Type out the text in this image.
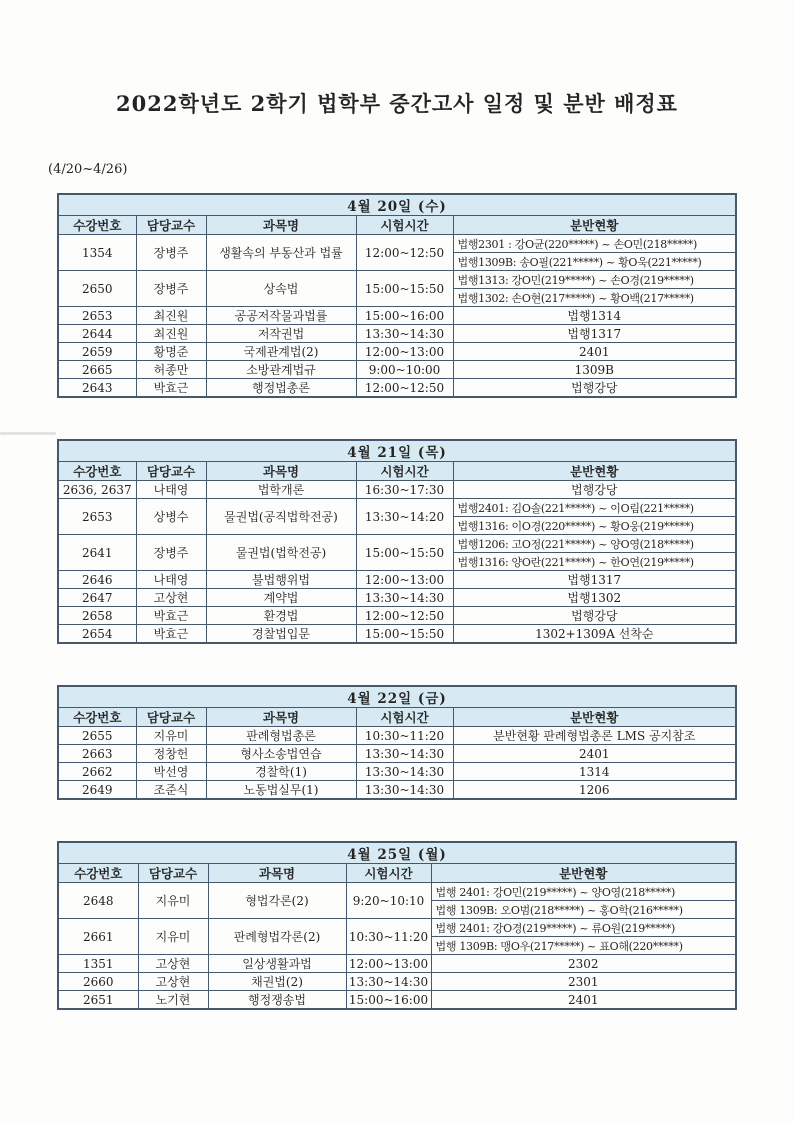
2022학년도 2학기 법학부 중간고사 일정 및 분반 배정표
(4/20~4/26)
4월 20일 (수)				
수강번호	담당교수	과목명	시험시간	분반현황
1354	장병주	생활속의 부동산과 법률	12:00~12:50	법행2301 : 강O균(220*****) ~ 손O민(218*****)
				법행1309B: 송O필(221*****) ~ 황O욱(221*****)
2650	장병주	상속법	15:00~15:50	법행1313: 강O민(219*****) ~ 손O경(219*****)
				법행1302: 손O현(217*****) ~ 황O백(217*****)
2653	최진원	공공저작물과법률	15:00~16:00	법행1314
2644	최진원	저작권법	13:30~14:30	법행1317
2659	황명준	국제관계법(2)	12:00~13:00	2401
2665	허종만	소방관계법규	9:00~10:00	1309B
2643	박효근	행정법총론	12:00~12:50	법행강당
4월 21일 (목)				
수강번호	담당교수	과목명	시험시간	분반현황
2636, 2637	나태영	법학개론	16:30~17:30	법행강당
2653	상병수	물권법(공직법학전공)	13:30~14:20	법행2401: 김O솔(221*****) ~ 이O림(221*****)
				법행1316: 이O경(220*****) ~ 황O웅(219*****)
2641	장병주	물권법(법학전공)	15:00~15:50	법행1206: 고O정(221*****) ~ 양O영(218*****)
				법행1316: 양O란(221*****) ~ 한O연(219*****)
2646	나태영	불법행위법	12:00~13:00	법행1317
2647	고상현	계약법	13:30~14:30	법행1302
2658	박효근	환경법	12:00~12:50	법행강당
2654	박효근	경찰법입문	15:00~15:50	1302+1309A 선착순
4월 22일 (금)				
수강번호	담당교수	과목명	시험시간	분반현황
2655	지유미	판례형법총론	10:30~11:20	분반현황 판례형법총론 LMS 공지참조
2663	정창헌	형사소송법연습	13:30~14:30	2401
2662	박선영	경찰학(1)	13:30~14:30	1314
2649	조준식	노동법실무(1)	13:30~14:30	1206
4월 25일 (월)				
수강번호	담당교수	과목명	시험시간	분반현황
2648	지유미	형법각론(2)	9:20~10:10	법행 2401: 강O민(219*****) ~ 양O영(218*****)
				법행 1309B: 오O범(218*****) ~ 홍O학(216*****)
2661	지유미	판례형법각론(2)	10:30~11:20	법행 2401: 강O경(219*****) ~ 류O원(219*****)
				법행 1309B: 맹O우(217*****) ~ 표O해(220*****)
1351	고상현	일상생활과법	12:00~13:00	2302
2660	고상현	채권법(2)	13:30~14:30	2301
2651	노기현	행정쟁송법	15:00~16:00	2401
